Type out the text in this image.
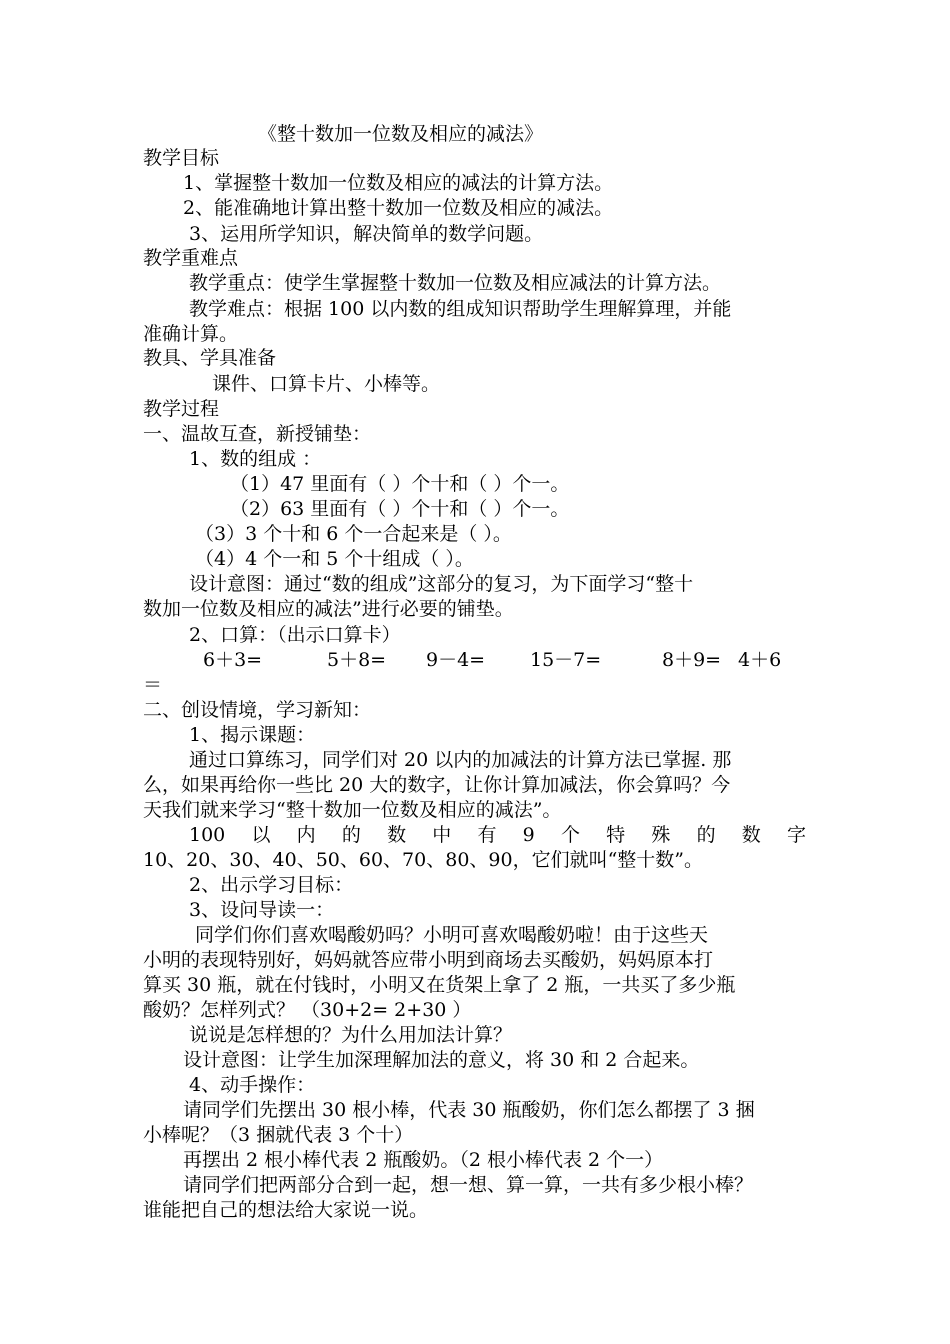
《整十数加一位数及相应的减法》
教学目标
1、掌握整十数加一位数及相应的减法的计算方法。
2、能准确地计算出整十数加一位数及相应的减法。
3、运用所学知识，解决简单的数学问题。
教学重难点
教学重点：使学生掌握整十数加一位数及相应减法的计算方法。
教学难点：根据 100 以内数的组成知识帮助学生理解算理，并能
准确计算。
教具、学具准备
课件、口算卡片、小棒等。
教学过程
一、温故互查，新授铺垫：
1、数的组成 ：
（1）47 里面有（ ）个十和（ ）个一。
（2）63 里面有（ ）个十和（ ）个一。
（3）3 个十和 6 个一合起来是（ ）。
（4）4 个一和 5 个十组成（ ）。
设计意图：通过“数的组成”这部分的复习，为下面学习“整十
数加一位数及相应的减法”进行必要的铺垫。
2、口算：（出示口算卡）
6＋3=	5＋8= 9－4= 15－7=	8＋9= 4＋6
＝
二、创设情境，学习新知：
1、揭示课题：
通过口算练习，同学们对 20 以内的加减法的计算方法已掌握. 那
么，如果再给你一些比 20 大的数字，让你计算加减法，你会算吗？今
天我们就来学习“整十数加一位数及相应的减法”。
100 以 内 的 数 中 有 9 个 特 殊 的 数 字
10、20、30、40、50、60、70、80、90，它们就叫“整十数”。
2、出示学习目标：
3、设问导读一：
同学们你们喜欢喝酸奶吗？小明可喜欢喝酸奶啦！由于这些天
小明的表现特别好，妈妈就答应带小明到商场去买酸奶，妈妈原本打
算买 30 瓶，就在付钱时，小明又在货架上拿了 2 瓶，一共买了多少瓶
酸奶？怎样列式？ （30+2= 2+30 ）
说说是怎样想的？为什么用加法计算？
设计意图：让学生加深理解加法的意义，将 30 和 2 合起来。
4、动手操作：
请同学们先摆出 30 根小棒，代表 30 瓶酸奶，你们怎么都摆了 3 捆
小棒呢？（3 捆就代表 3 个十）
再摆出 2 根小棒代表 2 瓶酸奶。（2 根小棒代表 2 个一）
请同学们把两部分合到一起，想一想、算一算，一共有多少根小棒？
谁能把自己的想法给大家说一说。
